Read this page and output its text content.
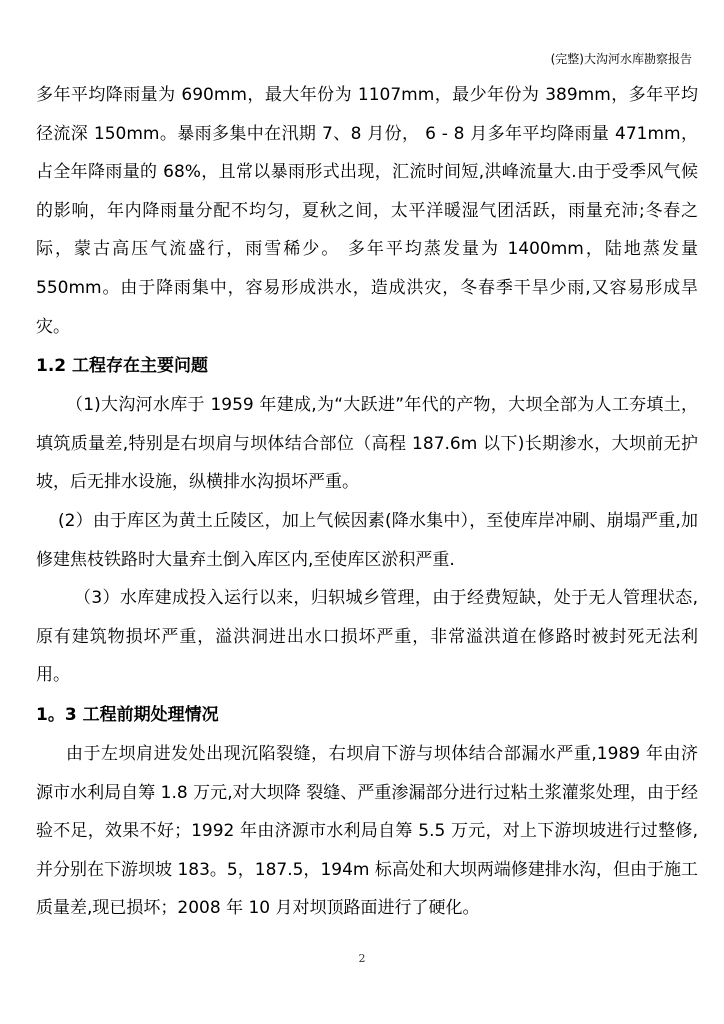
(完整)大沟河水库勘察报告

多年平均降雨量为 690mm，最大年份为 1107mm，最少年份为 389mm，多年平均径流深 150mm。暴雨多集中在汛期 7、8 月份， 6 - 8 月多年平均降雨量 471mm，占全年降雨量的 68%，且常以暴雨形式出现，汇流时间短,洪峰流量大.由于受季风气候的影响，年内降雨量分配不均匀，夏秋之间，太平洋暖湿气团活跃，雨量充沛;冬春之际，蒙古高压气流盛行，雨雪稀少。 多年平均蒸发量为 1400mm，陆地蒸发量 550mm。由于降雨集中，容易形成洪水，造成洪灾，冬春季干旱少雨,又容易形成旱灾。

1.2 工程存在主要问题

（1)大沟河水库于 1959 年建成,为“大跃进”年代的产物，大坝全部为人工夯填土，填筑质量差,特别是右坝肩与坝体结合部位（高程 187.6m 以下)长期渗水，大坝前无护坡，后无排水设施，纵横排水沟损坏严重。

(2）由于库区为黄土丘陵区，加上气候因素(降水集中），至使库岸冲刷、崩塌严重,加修建焦枝铁路时大量弃土倒入库区内,至使库区淤积严重.

（3）水库建成投入运行以来，归轵城乡管理，由于经费短缺，处于无人管理状态,原有建筑物损坏严重，溢洪洞进出水口损坏严重，非常溢洪道在修路时被封死无法利用。

1。3 工程前期处理情况

由于左坝肩进发处出现沉陷裂缝，右坝肩下游与坝体结合部漏水严重,1989 年由济源市水利局自筹 1.8 万元,对大坝降 裂缝、严重渗漏部分进行过粘土浆灌浆处理，由于经验不足，效果不好；1992 年由济源市水利局自筹 5.5 万元，对上下游坝坡进行过整修,并分别在下游坝坡 183。5，187.5，194m 标高处和大坝两端修建排水沟，但由于施工质量差,现已损坏；2008 年 10 月对坝顶路面进行了硬化。

2
